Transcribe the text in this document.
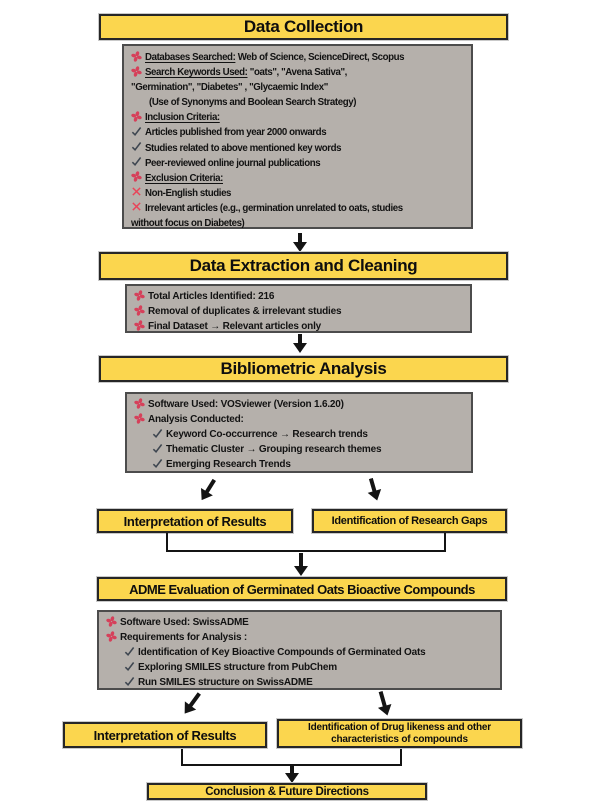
Data Collection
Databases Searched: Web of Science, ScienceDirect, Scopus
Search Keywords Used: "oats", "Avena Sativa",
"Germination", "Diabetes" , "Glycaemic Index"
(Use of Synonyms and Boolean Search Strategy)
Inclusion Criteria:
Articles published from year 2000 onwards
Studies related to above mentioned key words
Peer-reviewed online journal publications
Exclusion Criteria:
Non-English studies
Irrelevant articles (e.g., germination unrelated to oats, studies
without focus on Diabetes)
Data Extraction and Cleaning
Total Articles Identified: 216
Removal of duplicates & irrelevant studies
Final Dataset → Relevant articles only
Bibliometric Analysis
Software Used: VOSviewer (Version 1.6.20)
Analysis Conducted:
Keyword Co-occurrence → Research trends
Thematic Cluster → Grouping research themes
Emerging Research Trends
Interpretation of Results	Identification of Research Gaps
ADME Evaluation of Germinated Oats Bioactive Compounds
Software Used: SwissADME
Requirements for Analysis :
Identification of Key Bioactive Compounds of Germinated Oats
Exploring SMILES structure from PubChem
Run SMILES structure on SwissADME
Interpretation of Results
Identification of Drug likeness and other characteristics of compounds
Conclusion & Future Directions
